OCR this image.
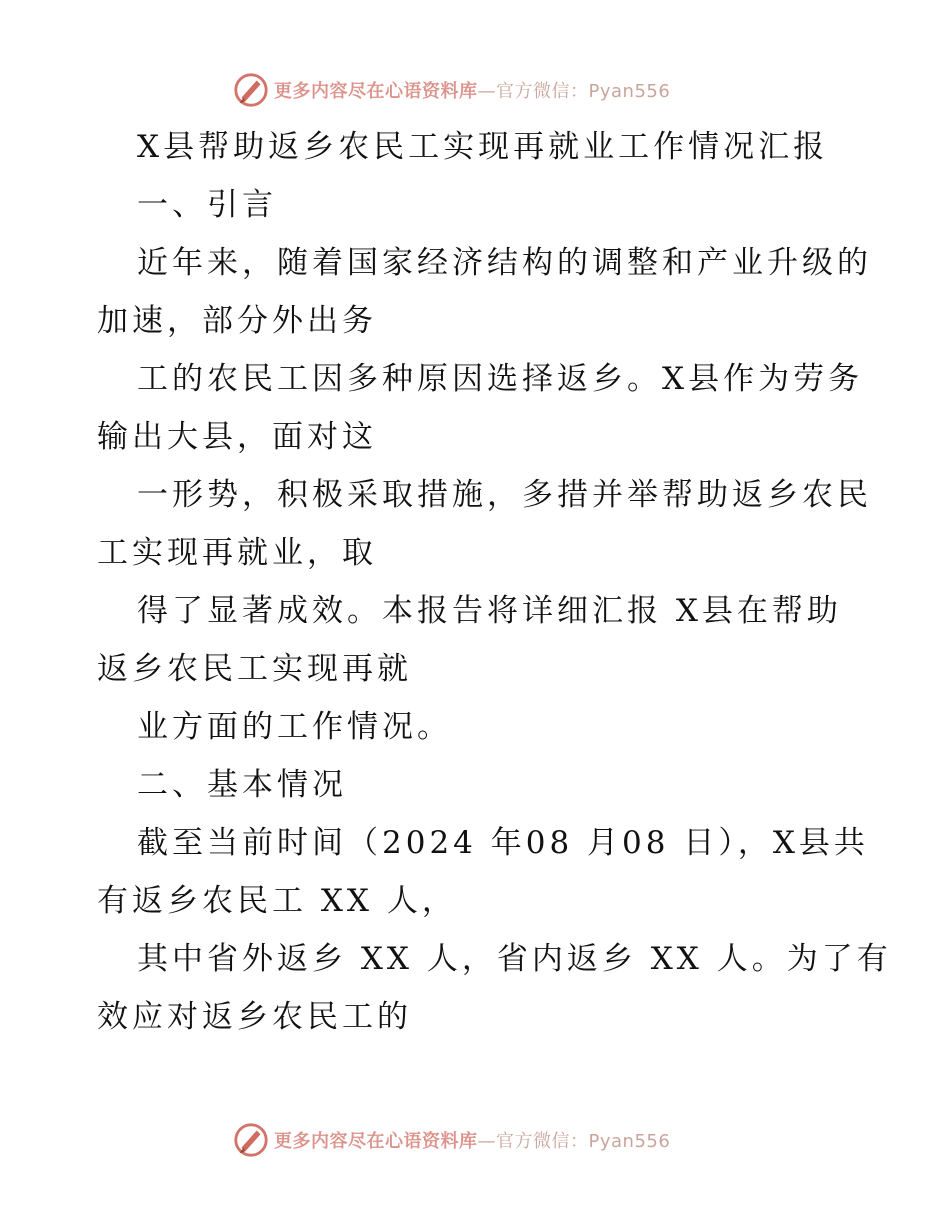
更多内容尽在心语资料库—官方微信：Pyan556
X县帮助返乡农民工实现再就业工作情况汇报
一、引言
近年来，随着国家经济结构的调整和产业升级的
加速，部分外出务
工的农民工因多种原因选择返乡。X县作为劳务
输出大县，面对这
一形势，积极采取措施，多措并举帮助返乡农民
工实现再就业，取
得了显著成效。本报告将详细汇报 X县在帮助
返乡农民工实现再就
业方面的工作情况。
二、基本情况
截至当前时间（2024 年08 月08 日），X县共
有返乡农民工 XX 人，
其中省外返乡 XX 人，省内返乡 XX 人。为了有
效应对返乡农民工的
更多内容尽在心语资料库—官方微信：Pyan556
